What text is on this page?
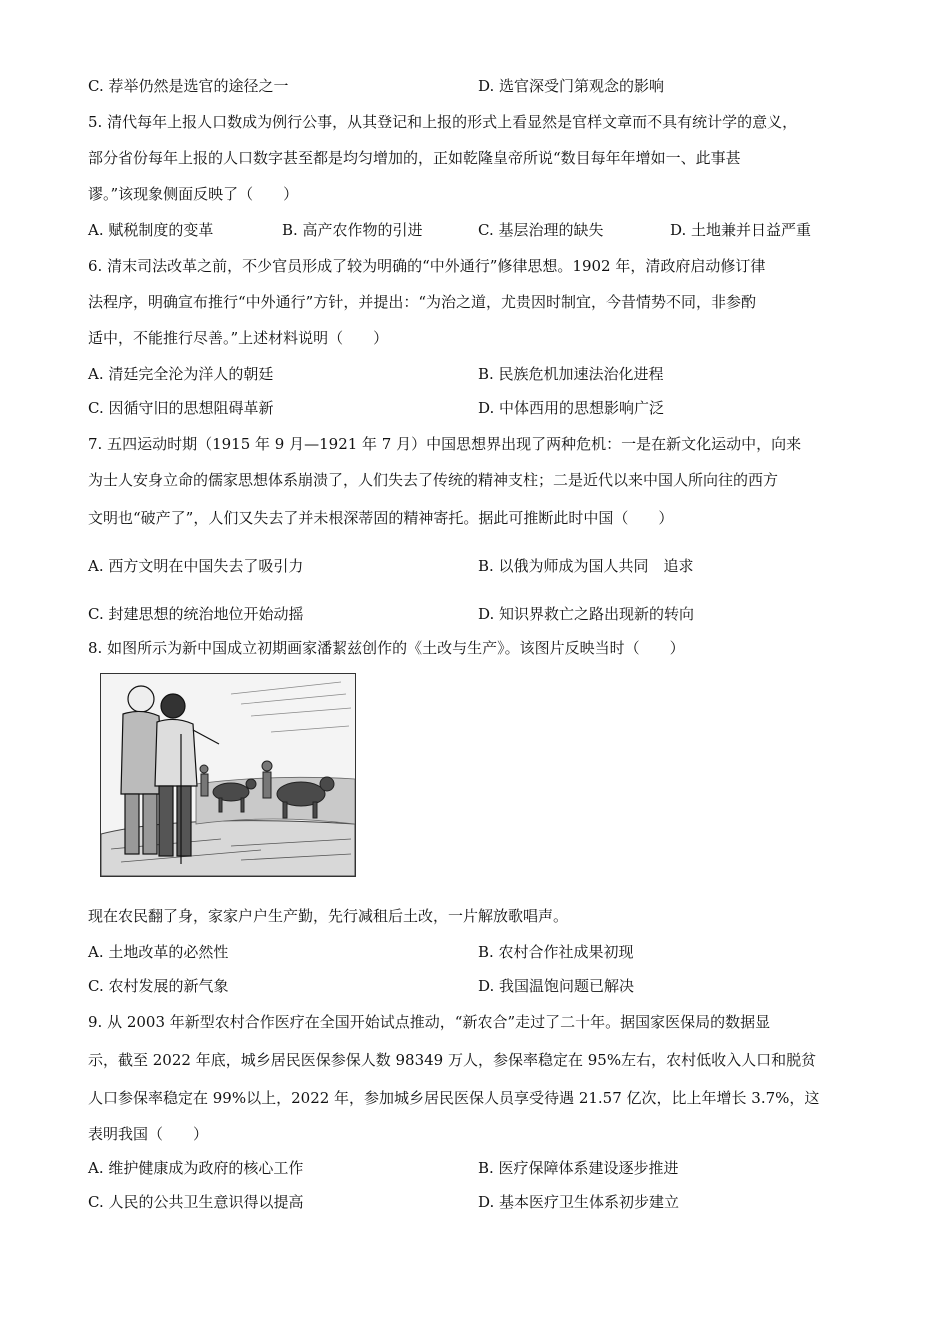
C. 荐举仍然是选官的途径之一	D. 选官深受门第观念的影响
5. 清代每年上报人口数成为例行公事，从其登记和上报的形式上看显然是官样文章而不具有统计学的意义，
部分省份每年上报的人口数字甚至都是均匀增加的，正如乾隆皇帝所说“数目每年年增如一、此事甚
谬。”该现象侧面反映了（　　）
A. 赋税制度的变革	B. 高产农作物的引进	C. 基层治理的缺失	D. 土地兼并日益严重
6. 清末司法改革之前，不少官员形成了较为明确的“中外通行”修律思想。1902 年，清政府启动修订律
法程序，明确宣布推行“中外通行”方针，并提出：“为治之道，尤贵因时制宜，今昔情势不同，非参酌
适中，不能推行尽善。”上述材料说明（　　）
A. 清廷完全沦为洋人的朝廷	B. 民族危机加速法治化进程
C. 因循守旧的思想阻碍革新	D. 中体西用的思想影响广泛
7. 五四运动时期（1915 年 9 月—1921 年 7 月）中国思想界出现了两种危机：一是在新文化运动中，向来
为士人安身立命的儒家思想体系崩溃了，人们失去了传统的精神支柱；二是近代以来中国人所向往的西方
文明也“破产了”，人们又失去了并未根深蒂固的精神寄托。据此可推断此时中国（　　）
A. 西方文明在中国失去了吸引力	B. 以俄为师成为国人共同　追求
C. 封建思想的统治地位开始动摇	D. 知识界救亡之路出现新的转向
8. 如图所示为新中国成立初期画家潘絜兹创作的《土改与生产》。该图片反映当时（　　）
现在农民翻了身，家家户户生产勤，先行减租后土改，一片解放歌唱声。
A. 土地改革的必然性	B. 农村合作社成果初现
C. 农村发展的新气象	D. 我国温饱问题已解决
9. 从 2003 年新型农村合作医疗在全国开始试点推动，“新农合”走过了二十年。据国家医保局的数据显
示，截至 2022 年底，城乡居民医保参保人数 98349 万人，参保率稳定在 95%左右，农村低收入人口和脱贫
人口参保率稳定在 99%以上，2022 年，参加城乡居民医保人员享受待遇 21.57 亿次，比上年增长 3.7%，这
表明我国（　　）
A. 维护健康成为政府的核心工作	B. 医疗保障体系建设逐步推进
C. 人民的公共卫生意识得以提高	D. 基本医疗卫生体系初步建立
